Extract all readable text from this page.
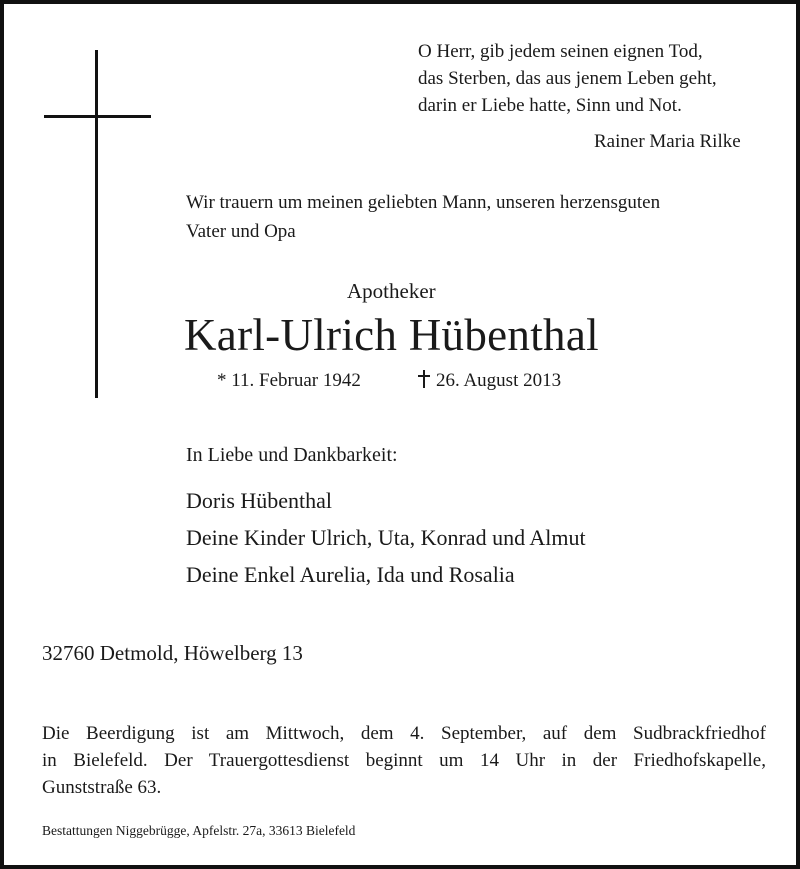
O Herr, gib jedem seinen eignen Tod,
das Sterben, das aus jenem Leben geht,
darin er Liebe hatte, Sinn und Not.
Rainer Maria Rilke
Wir trauern um meinen geliebten Mann, unseren herzensguten
Vater und Opa
Apotheker
Karl-Ulrich Hübenthal
* 11. Februar 1942	26. August 2013
In Liebe und Dankbarkeit:
Doris Hübenthal
Deine Kinder Ulrich, Uta, Konrad und Almut
Deine Enkel Aurelia, Ida und Rosalia
32760 Detmold, Höwelberg 13
Die Beerdigung ist am Mittwoch, dem 4. September, auf dem Sudbrackfriedhof
in Bielefeld. Der Trauergottesdienst beginnt um 14 Uhr in der Friedhofskapelle,
Gunststraße 63.
Bestattungen Niggebrügge, Apfelstr. 27a, 33613 Bielefeld
